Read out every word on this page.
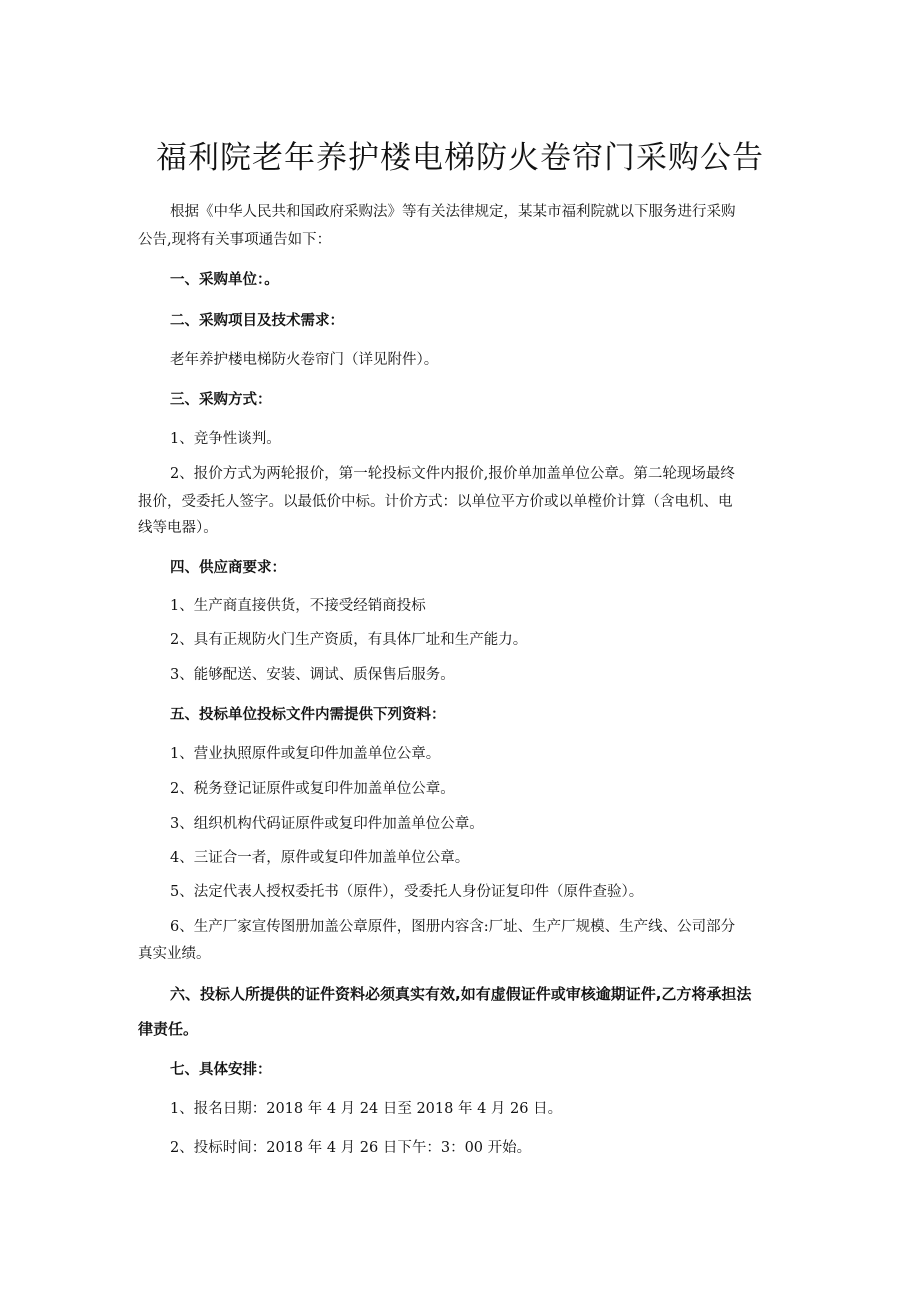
福利院老年养护楼电梯防火卷帘门采购公告
根据《中华人民共和国政府采购法》等有关法律规定，某某市福利院就以下服务进行采购
公告,现将有关事项通告如下：
一、采购单位：。
二、采购项目及技术需求：
老年养护楼电梯防火卷帘门（详见附件）。
三、采购方式：
1、竞争性谈判。
2、报价方式为两轮报价，第一轮投标文件内报价,报价单加盖单位公章。第二轮现场最终
报价，受委托人签字。以最低价中标。计价方式：以单位平方价或以单樘价计算（含电机、电
线等电器）。
四、供应商要求：
1、生产商直接供货，不接受经销商投标
2、具有正规防火门生产资质，有具体厂址和生产能力。
3、能够配送、安装、调试、质保售后服务。
五、投标单位投标文件内需提供下列资料：
1、营业执照原件或复印件加盖单位公章。
2、税务登记证原件或复印件加盖单位公章。
3、组织机构代码证原件或复印件加盖单位公章。
4、三证合一者，原件或复印件加盖单位公章。
5、法定代表人授权委托书（原件），受委托人身份证复印件（原件查验）。
6、生产厂家宣传图册加盖公章原件，图册内容含:厂址、生产厂规模、生产线、公司部分
真实业绩。
六、投标人所提供的证件资料必须真实有效,如有虚假证件或审核逾期证件,乙方将承担法
律责任。
七、具体安排：
1、报名日期：2018 年 4 月 24 日至 2018 年 4 月 26 日。
2、投标时间：2018 年 4 月 26 日下午：3：00 开始。
